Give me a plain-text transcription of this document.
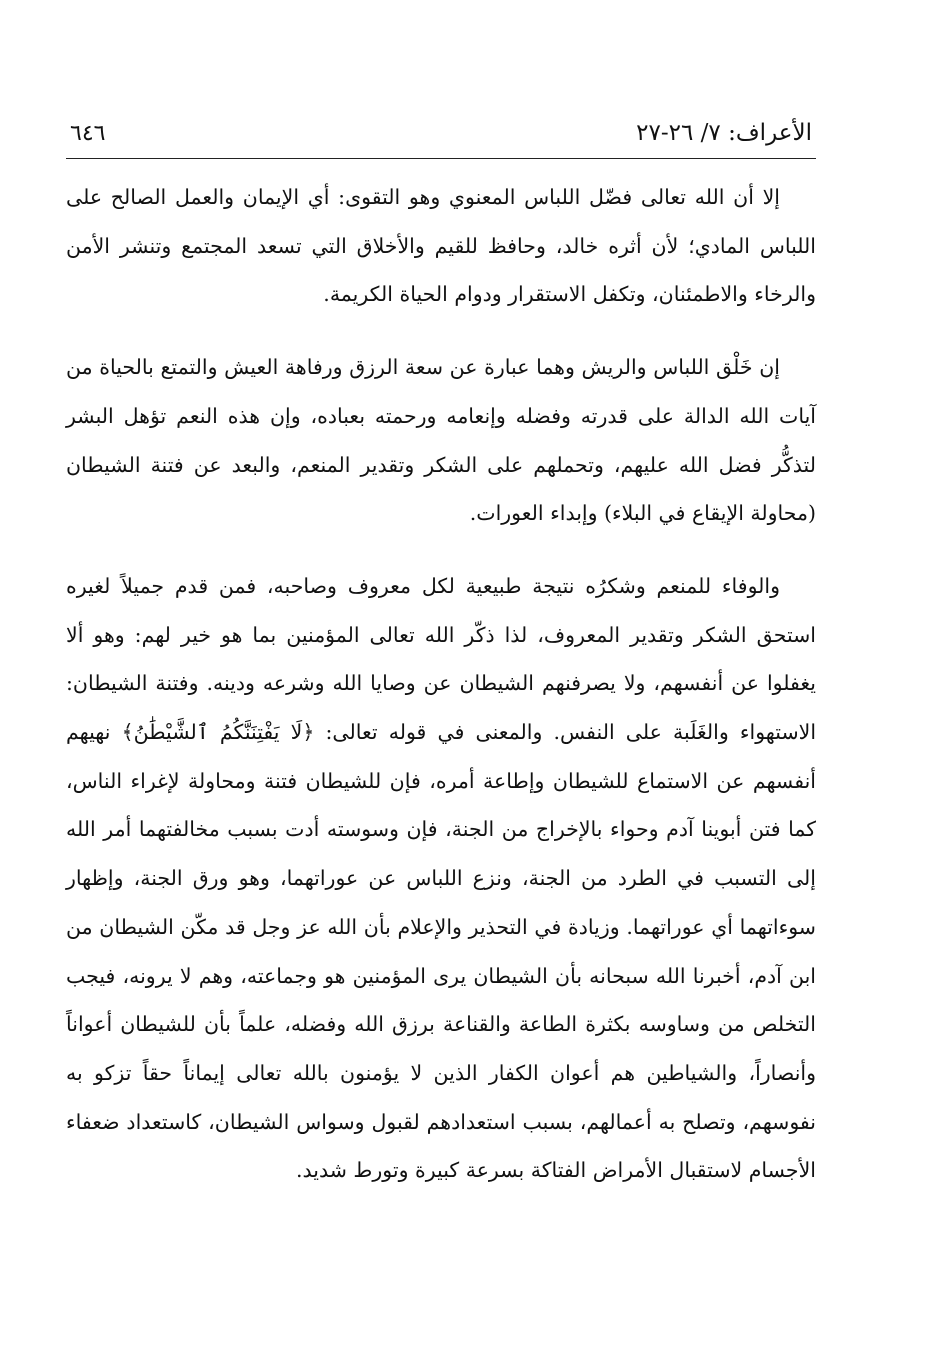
الأعراف: ٧/ ٢٦-٢٧
٦٤٦

إلا أن الله تعالى فضّل اللباس المعنوي وهو التقوى: أي الإيمان والعمل الصالح على اللباس المادي؛ لأن أثره خالد، وحافظ للقيم والأخلاق التي تسعد المجتمع وتنشر الأمن والرخاء والاطمئنان، وتكفل الاستقرار ودوام الحياة الكريمة.

إن خَلْق اللباس والريش وهما عبارة عن سعة الرزق ورفاهة العيش والتمتع بالحياة من آيات الله الدالة على قدرته وفضله وإنعامه ورحمته بعباده، وإن هذه النعم تؤهل البشر لتذكُّر فضل الله عليهم، وتحملهم على الشكر وتقدير المنعم، والبعد عن فتنة الشيطان (محاولة الإيقاع في البلاء) وإبداء العورات.

والوفاء للمنعم وشكرُه نتيجة طبيعية لكل معروف وصاحبه، فمن قدم جميلاً لغيره استحق الشكر وتقدير المعروف، لذا ذكّر الله تعالى المؤمنين بما هو خير لهم: وهو ألا يغفلوا عن أنفسهم، ولا يصرفنهم الشيطان عن وصايا الله وشرعه ودينه. وفتنة الشيطان: الاستهواء والغَلَبة على النفس. والمعنى في قوله تعالى: ﴿لَا يَفْتِنَنَّكُمُ ٱلشَّيْطَٰنُ﴾ نهيهم أنفسهم عن الاستماع للشيطان وإطاعة أمره، فإن للشيطان فتنة ومحاولة لإغراء الناس، كما فتن أبوينا آدم وحواء بالإخراج من الجنة، فإن وسوسته أدت بسبب مخالفتهما أمر الله إلى التسبب في الطرد من الجنة، ونزع اللباس عن عوراتهما، وهو ورق الجنة، وإظهار سوءاتهما أي عوراتهما. وزيادة في التحذير والإعلام بأن الله عز وجل قد مكّن الشيطان من ابن آدم، أخبرنا الله سبحانه بأن الشيطان يرى المؤمنين هو وجماعته، وهم لا يرونه، فيجب التخلص من وساوسه بكثرة الطاعة والقناعة برزق الله وفضله، علماً بأن للشيطان أعواناً وأنصاراً، والشياطين هم أعوان الكفار الذين لا يؤمنون بالله تعالى إيماناً حقاً تزكو به نفوسهم، وتصلح به أعمالهم، بسبب استعدادهم لقبول وسواس الشيطان، كاستعداد ضعفاء الأجسام لاستقبال الأمراض الفتاكة بسرعة كبيرة وتورط شديد.
